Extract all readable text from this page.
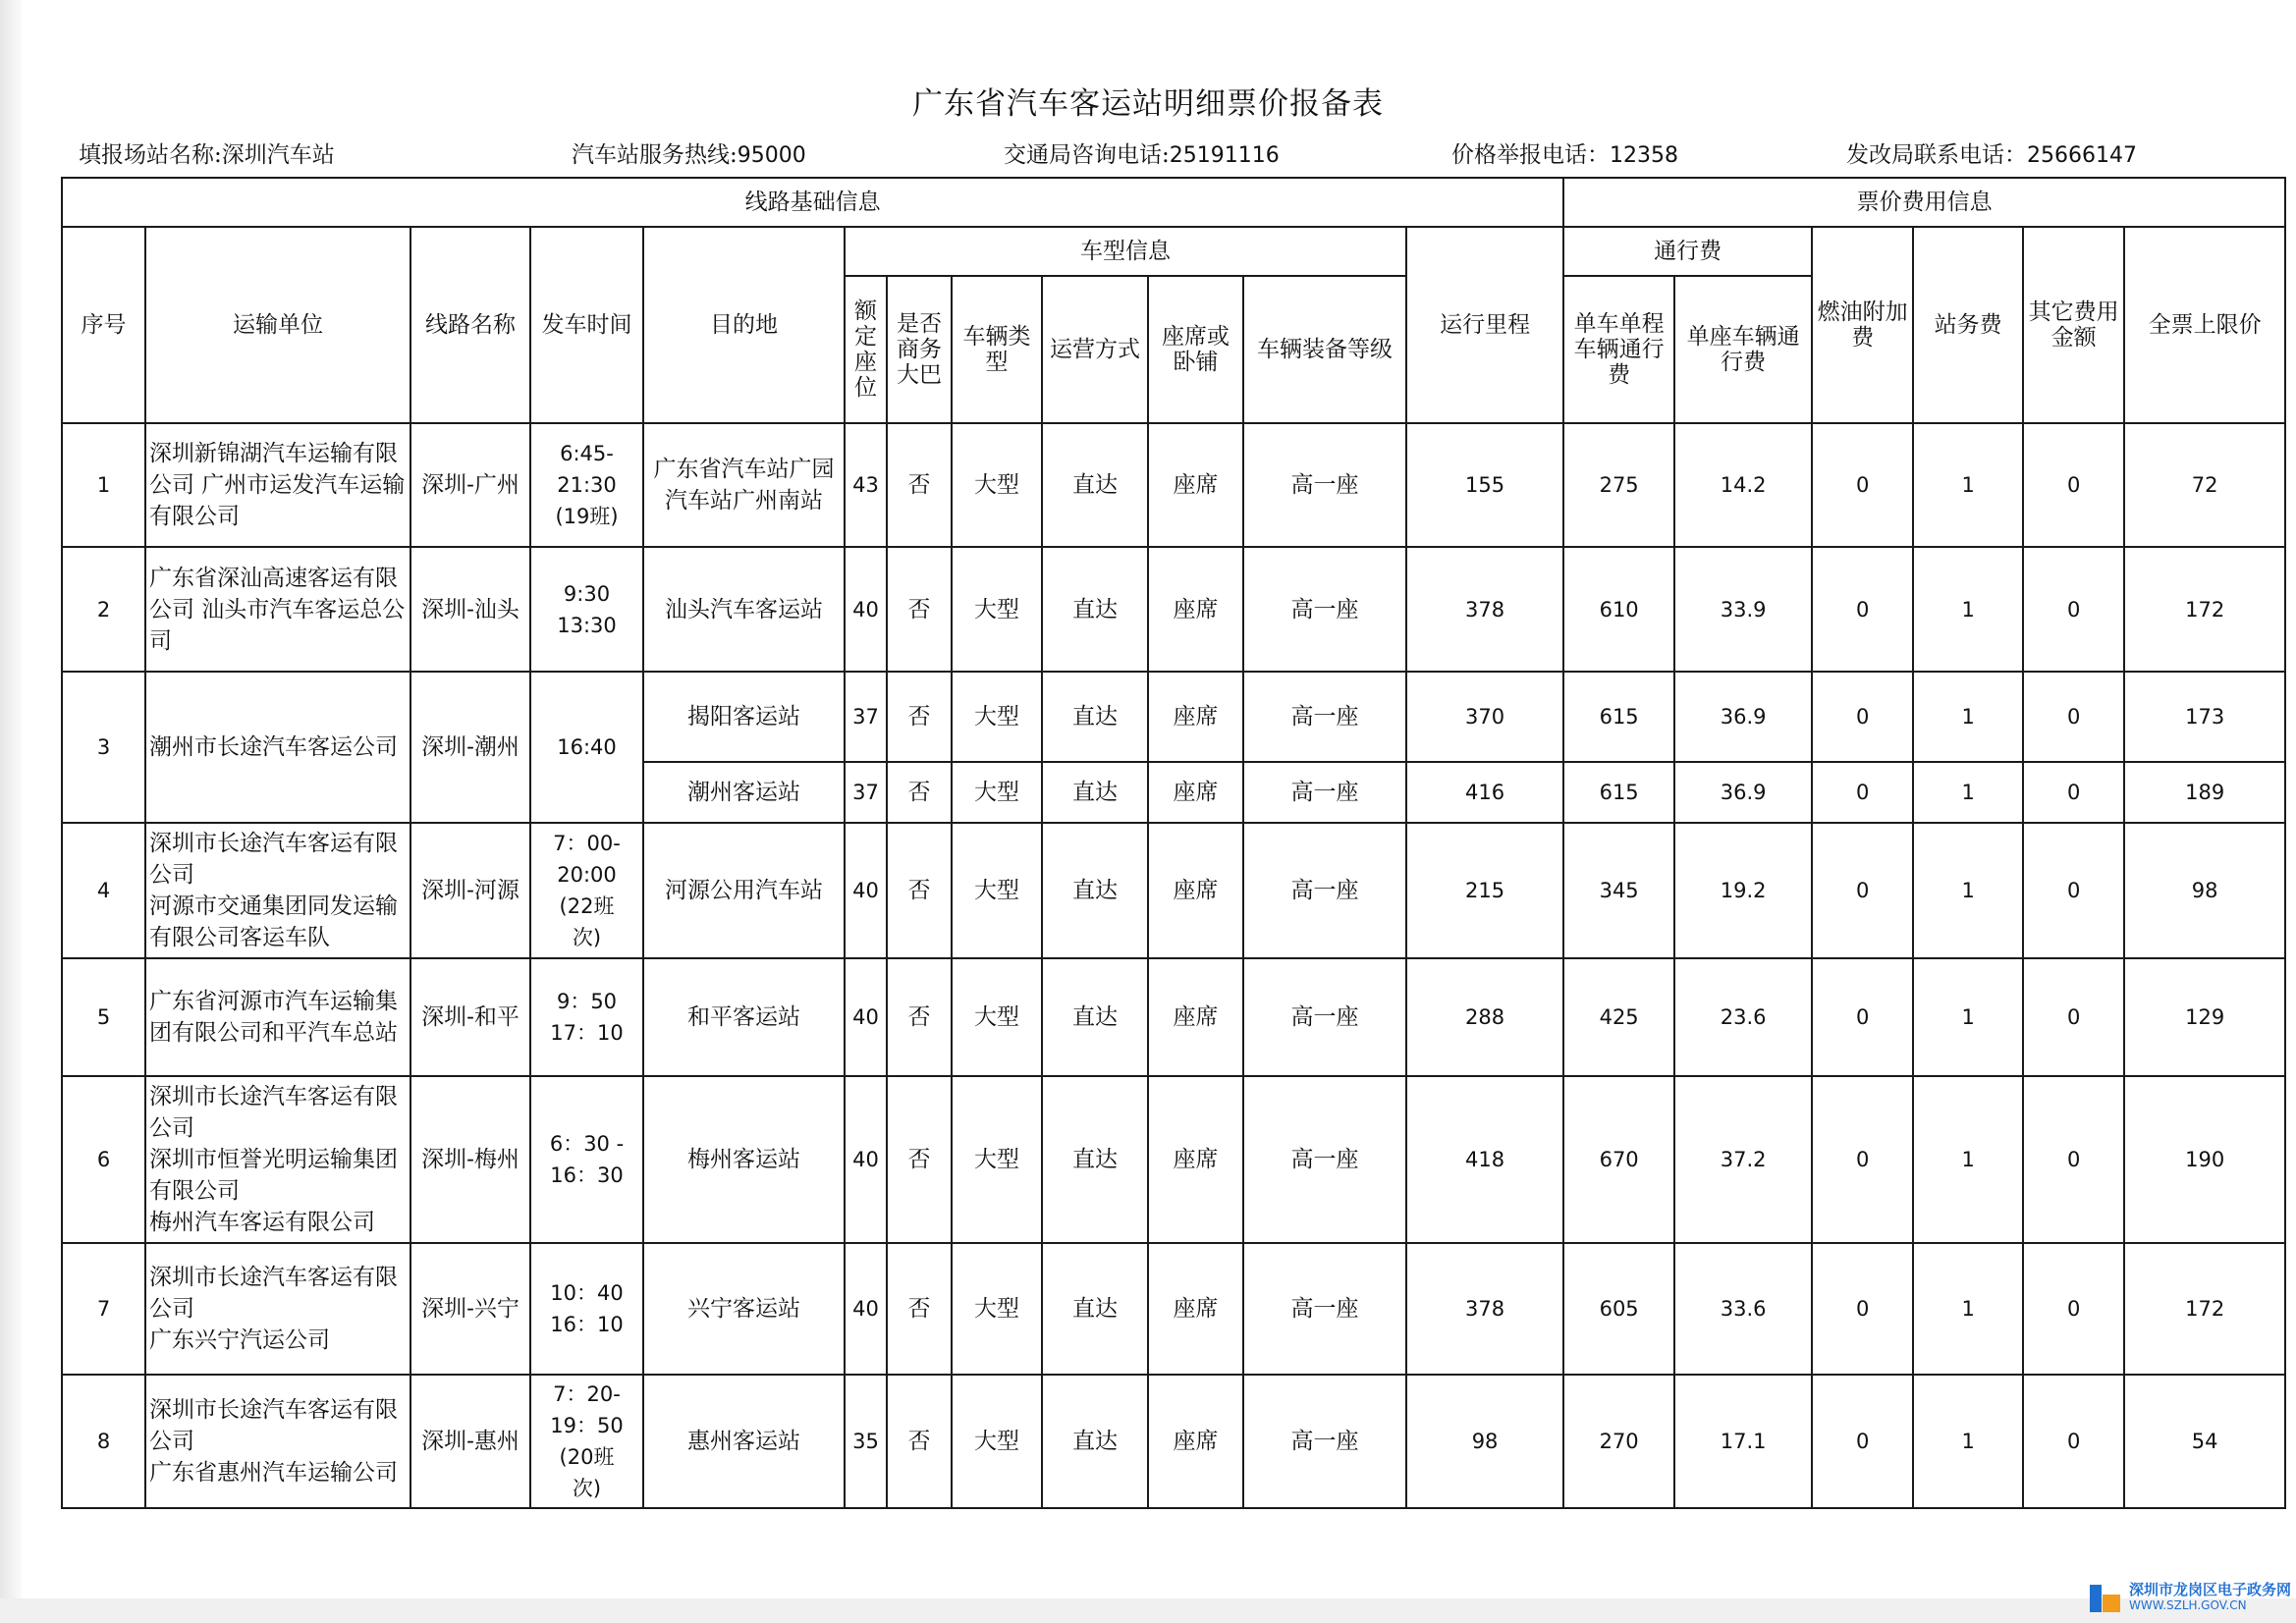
广东省汽车客运站明细票价报备表
填报场站名称:深圳汽车站	汽车站服务热线:95000	交通局咨询电话:25191116	价格举报电话：12358	发改局联系电话：25666147
线路基础信息												票价费用信息					
序号	运输单位	线路名称	发车时间	目的地	车型信息						运行里程	通行费		燃油附加费	站务费	其它费用金额	全票上限价
					额定座位	是否商务大巴	车辆类型	运营方式	座席或卧铺	车辆装备等级		单车单程车辆通行费	单座车辆通行费				
1	深圳新锦湖汽车运输有限公司 广州市运发汽车运输有限公司	深圳-广州	6:45-
21:30
(19班)	广东省汽车站广园汽车站广州南站	43	否	大型	直达	座席	高一座	155	275	14.2	0	1	0	72
2	广东省深汕高速客运有限公司 汕头市汽车客运总公司	深圳-汕头	9:30
13:30	汕头汽车客运站	40	否	大型	直达	座席	高一座	378	610	33.9	0	1	0	172
3	潮州市长途汽车客运公司	深圳-潮州	16:40	揭阳客运站	37	否	大型	直达	座席	高一座	370	615	36.9	0	1	0	173
				潮州客运站	37	否	大型	直达	座席	高一座	416	615	36.9	0	1	0	189
4	深圳市长途汽车客运有限公司
河源市交通集团同发运输有限公司客运车队	深圳-河源	7：00-
20:00
(22班
次)	河源公用汽车站	40	否	大型	直达	座席	高一座	215	345	19.2	0	1	0	98
5	广东省河源市汽车运输集团有限公司和平汽车总站	深圳-和平	9：50
17：10	和平客运站	40	否	大型	直达	座席	高一座	288	425	23.6	0	1	0	129
6	深圳市长途汽车客运有限公司
深圳市恒誉光明运输集团有限公司
梅州汽车客运有限公司	深圳-梅州	6：30 -
16：30	梅州客运站	40	否	大型	直达	座席	高一座	418	670	37.2	0	1	0	190
7	深圳市长途汽车客运有限公司
广东兴宁汽运公司	深圳-兴宁	10：40
16：10	兴宁客运站	40	否	大型	直达	座席	高一座	378	605	33.6	0	1	0	172
8	深圳市长途汽车客运有限公司
广东省惠州汽车运输公司	深圳-惠州	7：20-
19：50
(20班
次)	惠州客运站	35	否	大型	直达	座席	高一座	98	270	17.1	0	1	0	54
深圳市龙岗区电子政务网
WWW.SZLH.GOV.CN
